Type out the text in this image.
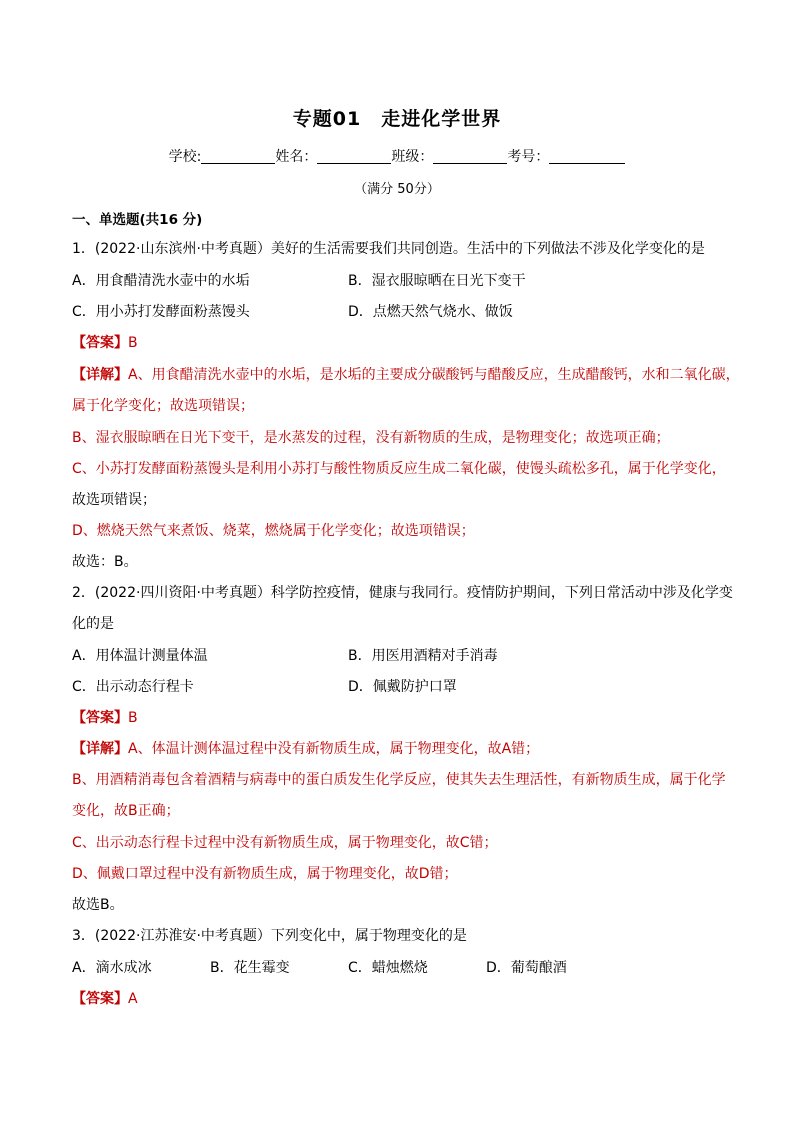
专题01　走进化学世界
学校:	姓名：	班级：	考号：
（满分 50分）
一、单选题(共16 分)
1．(2022·山东滨州·中考真题）美好的生活需要我们共同创造。生活中的下列做法不涉及化学变化的是
A．用食醋清洗水壶中的水垢	B．湿衣服晾晒在日光下变干
C．用小苏打发酵面粉蒸馒头	D．点燃天然气烧水、做饭
【答案】B
【详解】A、用食醋清洗水壶中的水垢，是水垢的主要成分碳酸钙与醋酸反应，生成醋酸钙，水和二氧化碳，
属于化学变化；故选项错误；
B、湿衣服晾晒在日光下变干，是水蒸发的过程，没有新物质的生成，是物理变化；故选项正确；
C、小苏打发酵面粉蒸馒头是利用小苏打与酸性物质反应生成二氧化碳，使馒头疏松多孔，属于化学变化，
故选项错误；
D、燃烧天然气来煮饭、烧菜，燃烧属于化学变化；故选项错误；
故选：B。
2．(2022·四川资阳·中考真题）科学防控疫情，健康与我同行。疫情防护期间，下列日常活动中涉及化学变
化的是
A．用体温计测量体温	B．用医用酒精对手消毒
C．出示动态行程卡	D．佩戴防护口罩
【答案】B
【详解】A、体温计测体温过程中没有新物质生成，属于物理变化，故A错；
B、用酒精消毒包含着酒精与病毒中的蛋白质发生化学反应，使其失去生理活性，有新物质生成，属于化学
变化，故B正确；
C、出示动态行程卡过程中没有新物质生成，属于物理变化，故C错；
D、佩戴口罩过程中没有新物质生成，属于物理变化，故D错；
故选B。
3．(2022·江苏淮安·中考真题）下列变化中，属于物理变化的是
A．滴水成冰	B．花生霉变	C．蜡烛燃烧	D．葡萄酿酒
【答案】A
